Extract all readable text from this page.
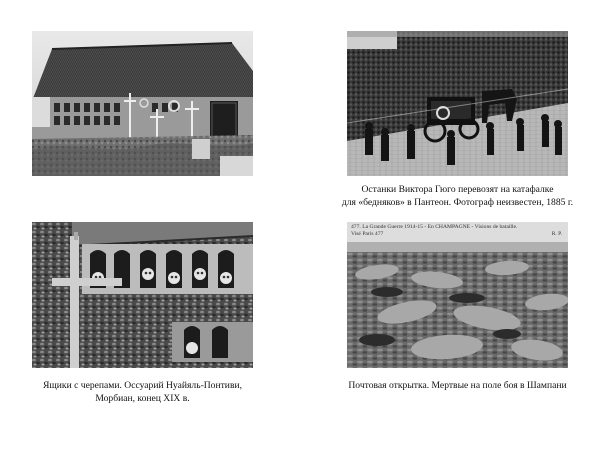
Останки Виктора Гюго перевозят на катафалке
для «бедняков» в Пантеон. Фотограф неизвестен, 1885 г.
Ящики с черепами. Оссуарий Нуайяль-Понтиви,
Морбиан, конец XIX в.
477. La Grande Guerre 1914-15 - En CHAMPAGNE - Visions de bataille.
Visé Paris 477	R. P.
Почтовая открытка. Мертвые на поле боя в Шампани
